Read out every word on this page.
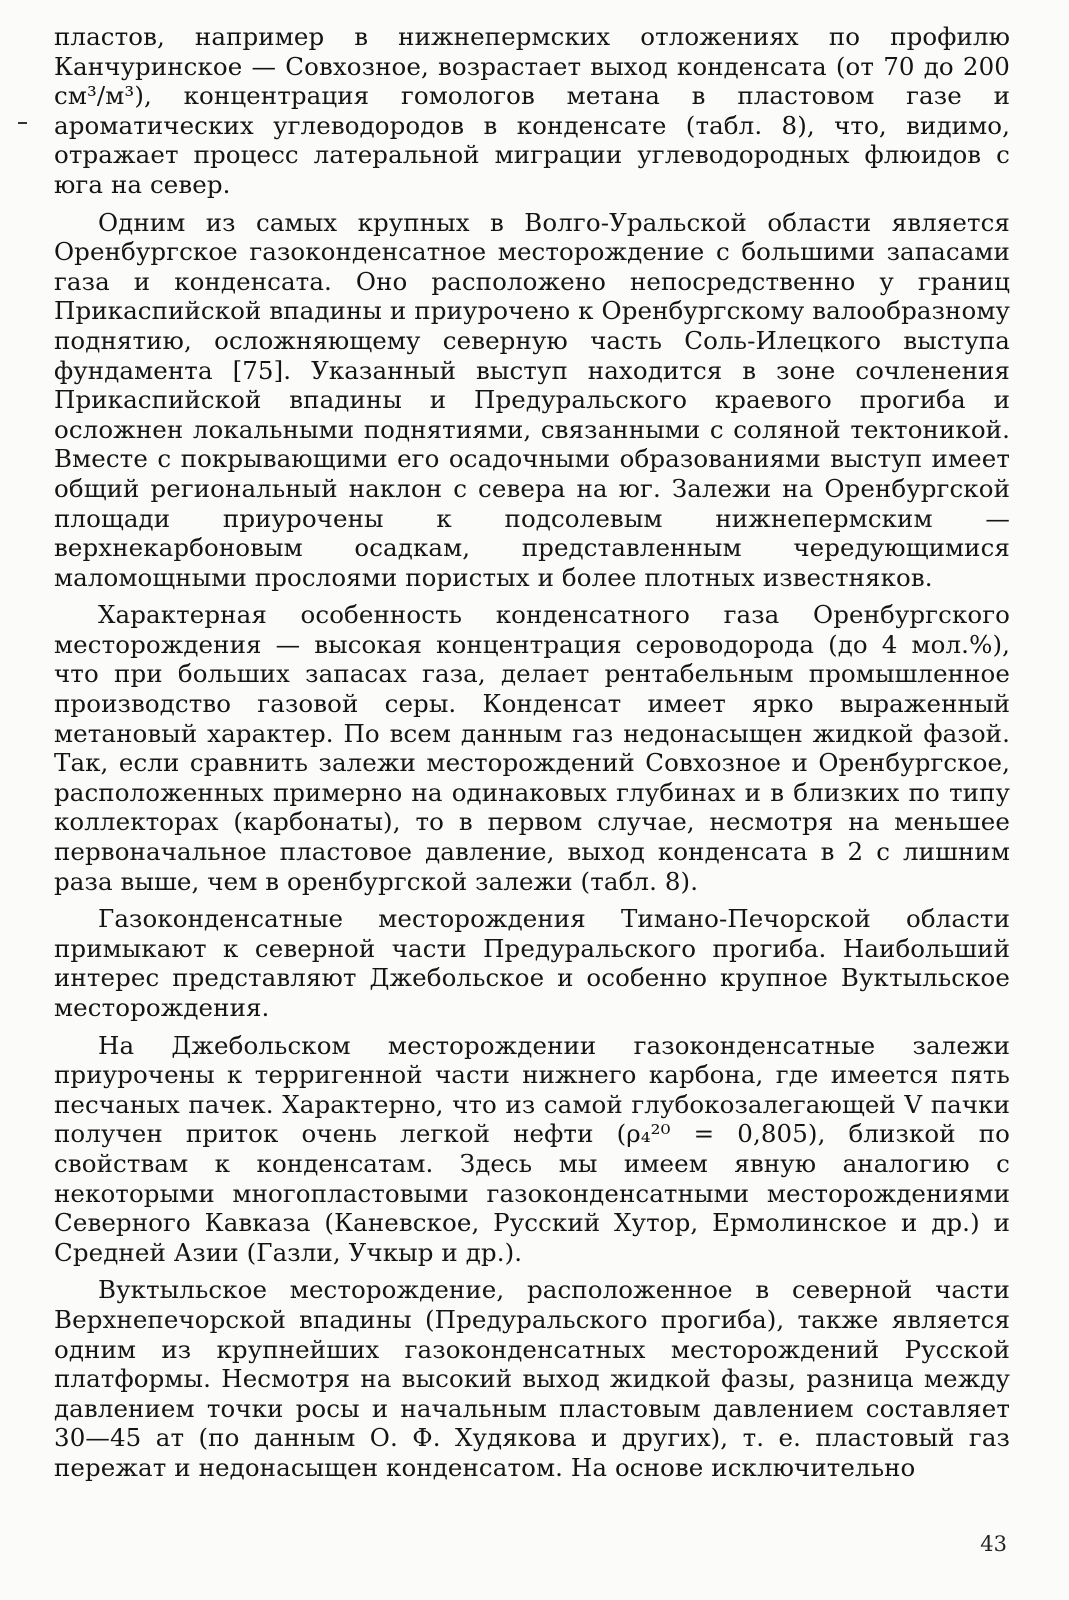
пластов, например в нижнепермских отложениях по профилю Канчуринское — Совхозное, возрастает выход конденсата (от 70 до 200 см³/м³), концентрация гомологов метана в пластовом газе и ароматических углеводородов в конденсате (табл. 8), что, видимо, отражает процесс латеральной миграции углеводородных флюидов с юга на север.

Одним из самых крупных в Волго-Уральской области является Оренбургское газоконденсатное месторождение с большими запасами газа и конденсата. Оно расположено непосредственно у границ Прикаспийской впадины и приурочено к Оренбургскому валообразному поднятию, осложняющему северную часть Соль-Илецкого выступа фундамента [75]. Указанный выступ находится в зоне сочленения Прикаспийской впадины и Предуральского краевого прогиба и осложнен локальными поднятиями, связанными с соляной тектоникой. Вместе с покрывающими его осадочными образованиями выступ имеет общий региональный наклон с севера на юг. Залежи на Оренбургской площади приурочены к подсолевым нижнепермским — верхнекарбоновым осадкам, представленным чередующимися маломощными прослоями пористых и более плотных известняков.

Характерная особенность конденсатного газа Оренбургского месторождения — высокая концентрация сероводорода (до 4 мол.%), что при больших запасах газа, делает рентабельным промышленное производство газовой серы. Конденсат имеет ярко выраженный метановый характер. По всем данным газ недонасыщен жидкой фазой. Так, если сравнить залежи месторождений Совхозное и Оренбургское, расположенных примерно на одинаковых глубинах и в близких по типу коллекторах (карбонаты), то в первом случае, несмотря на меньшее первоначальное пластовое давление, выход конденсата в 2 с лишним раза выше, чем в оренбургской залежи (табл. 8).

Газоконденсатные месторождения Тимано-Печорской области примыкают к северной части Предуральского прогиба. Наибольший интерес представляют Джебольское и особенно крупное Вуктыльское месторождения.

На Джебольском месторождении газоконденсатные залежи приурочены к терригенной части нижнего карбона, где имеется пять песчаных пачек. Характерно, что из самой глубокозалегающей V пачки получен приток очень легкой нефти (ρ₄²⁰ = 0,805), близкой по свойствам к конденсатам. Здесь мы имеем явную аналогию с некоторыми многопластовыми газоконденсатными месторождениями Северного Кавказа (Каневское, Русский Хутор, Ермолинское и др.) и Средней Азии (Газли, Учкыр и др.).

Вуктыльское месторождение, расположенное в северной части Верхнепечорской впадины (Предуральского прогиба), также является одним из крупнейших газоконденсатных месторождений Русской платформы. Несмотря на высокий выход жидкой фазы, разница между давлением точки росы и начальным пластовым давлением составляет 30—45 ат (по данным О. Ф. Худякова и других), т. е. пластовый газ пережат и недонасыщен конденсатом. На основе исключительно

43
